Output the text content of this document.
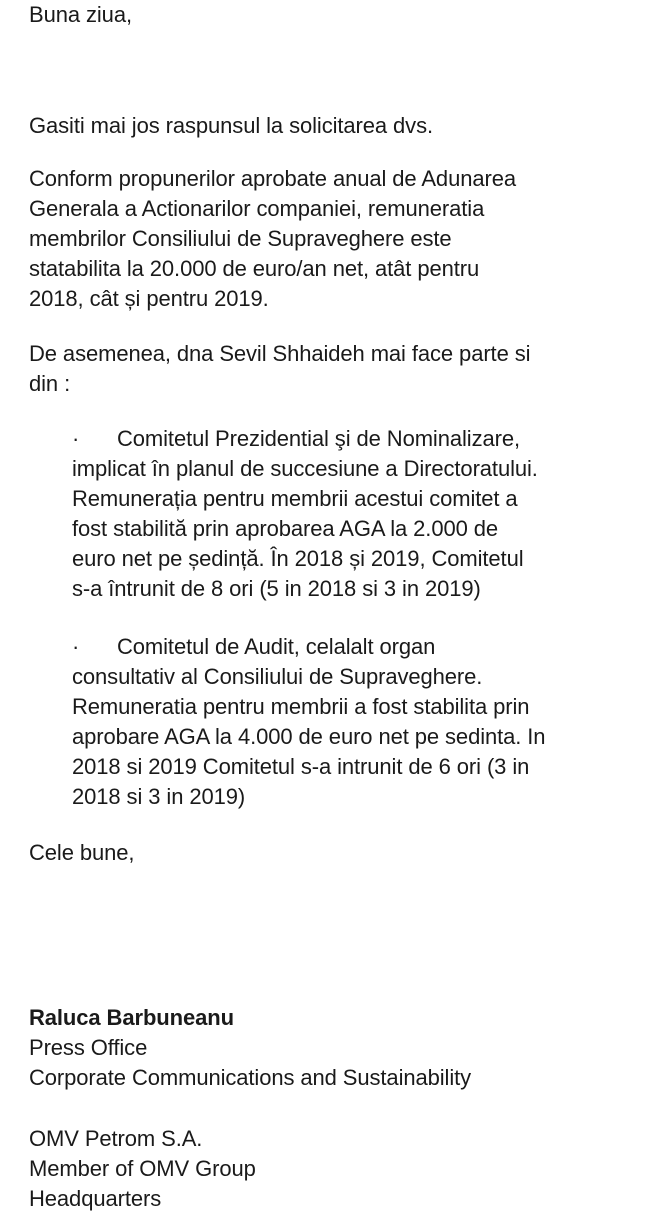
Buna ziua,
Gasiti mai jos raspunsul la solicitarea dvs.
Conform propunerilor aprobate anual de Adunarea
Generala a Actionarilor companiei, remuneratia
membrilor Consiliului de Supraveghere este
statabilita la 20.000 de euro/an net, atât pentru
2018, cât și pentru 2019.
De asemenea, dna Sevil Shhaideh mai face parte si
din :
·	Comitetul Prezidential şi de Nominalizare,
implicat în planul de succesiune a Directoratului.
Remunerația pentru membrii acestui comitet a
fost stabilită prin aprobarea AGA la 2.000 de
euro net pe ședință. În 2018 și 2019, Comitetul
s-a întrunit de 8 ori (5 in 2018 si 3 in 2019)
·	Comitetul de Audit, celalalt organ
consultativ al Consiliului de Supraveghere.
Remuneratia pentru membrii a fost stabilita prin
aprobare AGA la 4.000 de euro net pe sedinta. In
2018 si 2019 Comitetul s-a intrunit de 6 ori (3 in
2018 si 3 in 2019)
Cele bune,
Raluca Barbuneanu
Press Office
Corporate Communications and Sustainability
OMV Petrom S.A.
Member of OMV Group
Headquarters
